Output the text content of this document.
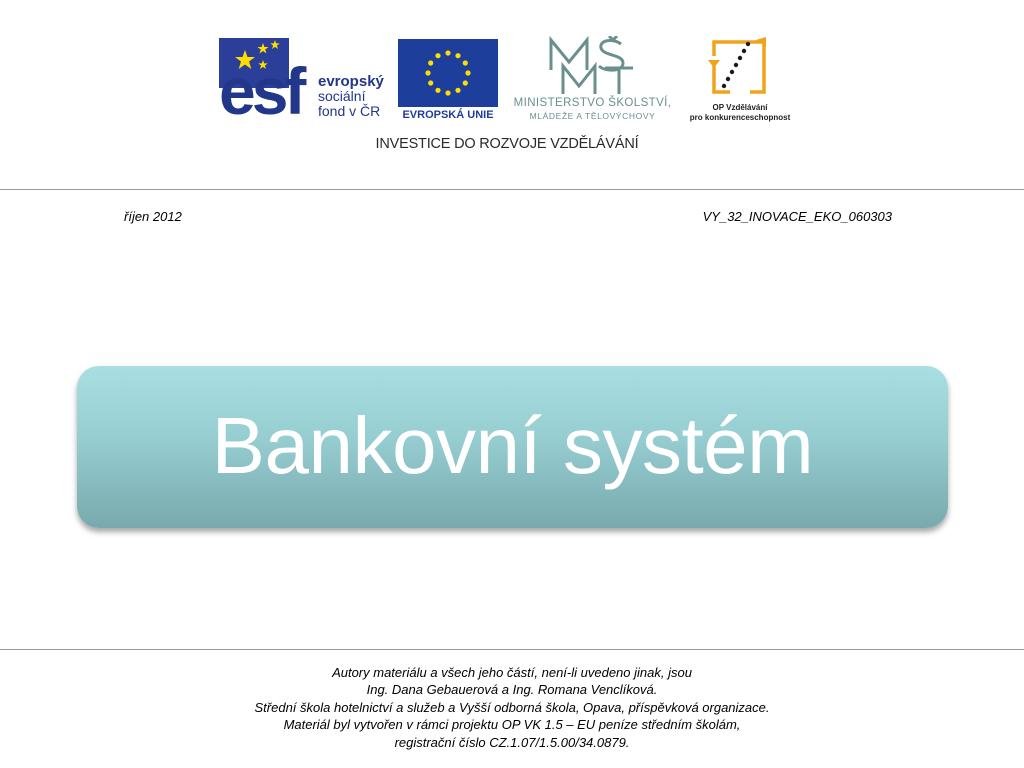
esf evropský
sociální
fond v ČR	EVROPSKÁ UNIE
MINISTERSTVO ŠKOLSTVÍ,
MLÁDEŽE A TĚLOVÝCHOVY
OP Vzdělávání
pro konkurenceschopnost
INVESTICE DO ROZVOJE VZDĚLÁVÁNÍ
říjen 2012	VY_32_INOVACE_EKO_060303
Bankovní systém
Autory materiálu a všech jeho částí, není-li uvedeno jinak, jsou
Ing. Dana Gebauerová a Ing. Romana Venclíková.
Střední škola hotelnictví a služeb a Vyšší odborná škola, Opava, příspěvková organizace.
Materiál byl vytvořen v rámci projektu OP VK 1.5 – EU peníze středním školám,
registrační číslo CZ.1.07/1.5.00/34.0879.
